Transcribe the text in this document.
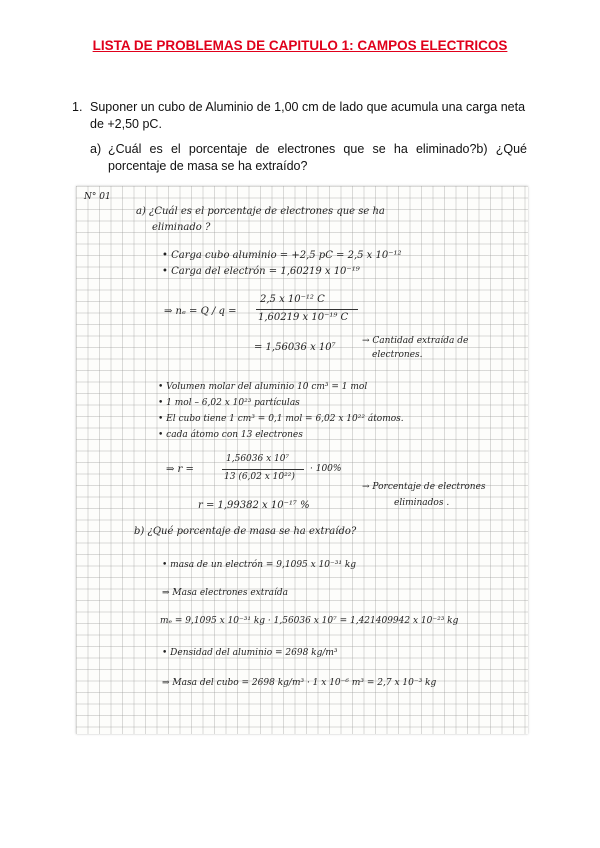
LISTA DE PROBLEMAS DE CAPITULO 1: CAMPOS ELECTRICOS
1. Suponer un cubo de Aluminio de 1,00 cm de lado que acumula una carga neta de +2,50 pC.
a) ¿Cuál es el porcentaje de electrones que se ha eliminado?b) ¿Qué porcentaje de masa se ha extraído?
N° 01
a) ¿Cuál es el porcentaje de electrones que se ha
eliminado ?
• Carga cubo aluminio = +2,5 pC = 2,5 x 10⁻¹²
• Carga del electrón = 1,60219 x 10⁻¹⁹
⇒ nₑ = Q / q =
2,5 x 10⁻¹² C
1,60219 x 10⁻¹⁹ C
= 1,56036 x 10⁷
→ Cantidad extraída de
electrones.
• Volumen molar del aluminio 10 cm³ = 1 mol
• 1 mol – 6,02 x 10²³ partículas
• El cubo tiene 1 cm³ = 0,1 mol = 6,02 x 10²² átomos.
• cada átomo con 13 electrones
⇒ r =
1,56036 x 10⁷
13 (6,02 x 10²²)
· 100%
r = 1,99382 x 10⁻¹⁷ %
→ Porcentaje de electrones
eliminados .
b) ¿Qué porcentaje de masa se ha extraído?
• masa de un electrón = 9,1095 x 10⁻³¹ kg
⇒ Masa electrones extraída
mₑ = 9,1095 x 10⁻³¹ kg · 1,56036 x 10⁷ = 1,421409942 x 10⁻²³ kg
• Densidad del aluminio = 2698 kg/m³
⇒ Masa del cubo = 2698 kg/m³ · 1 x 10⁻⁶ m³ = 2,7 x 10⁻³ kg
